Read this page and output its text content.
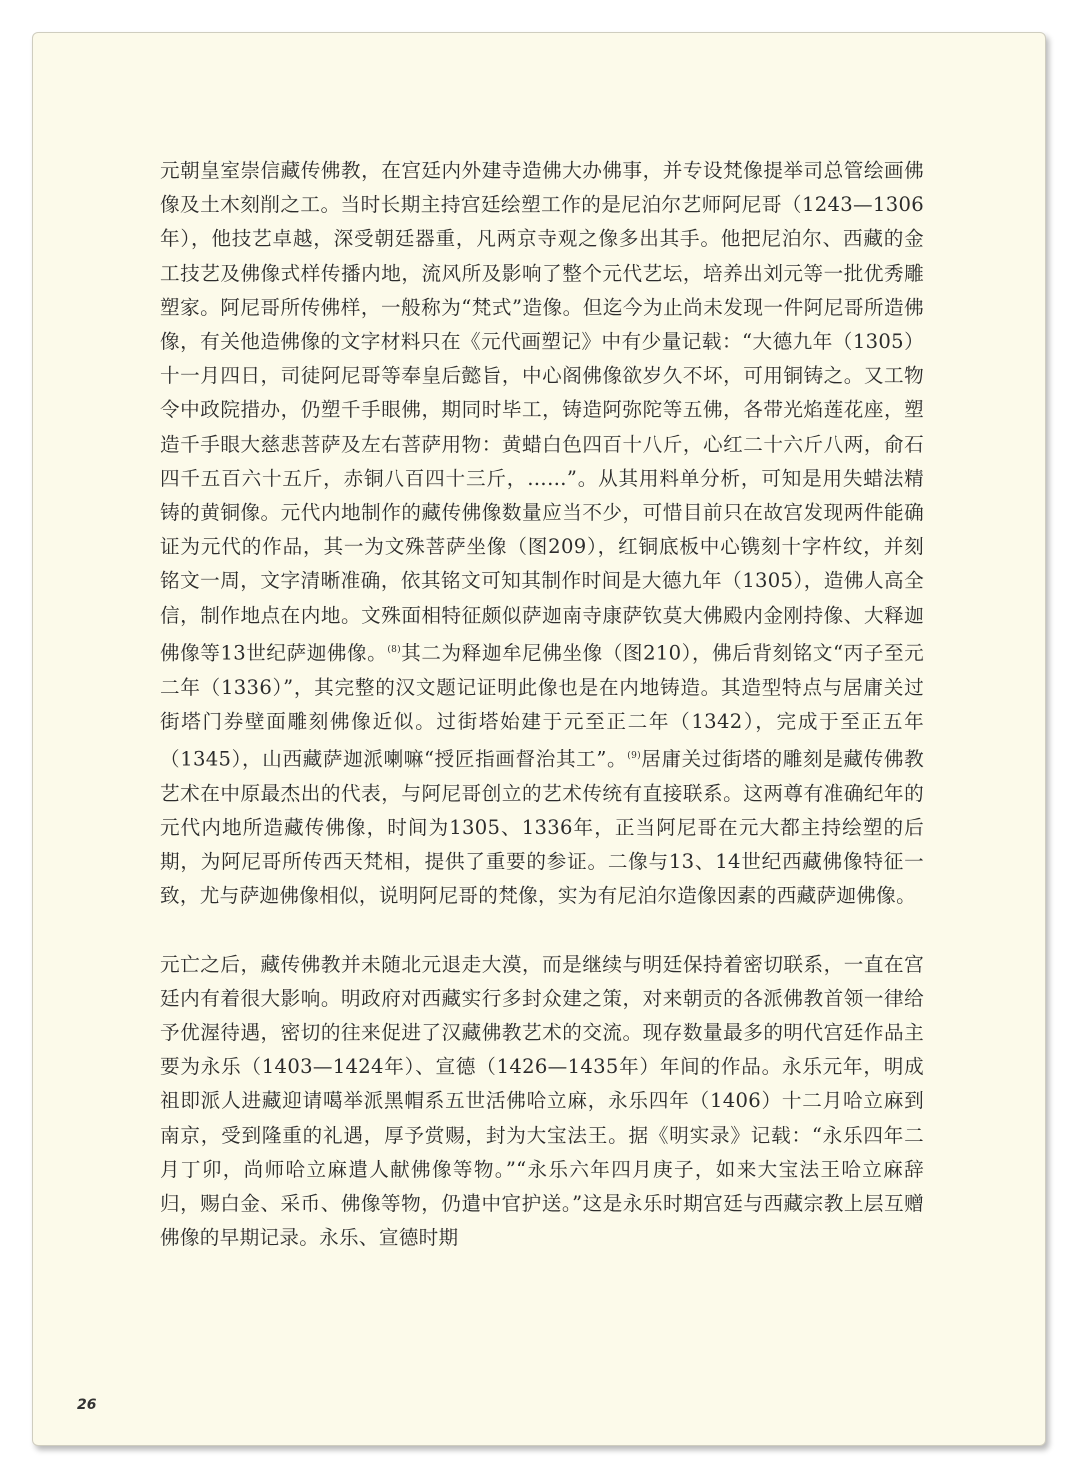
元朝皇室崇信藏传佛教，在宫廷内外建寺造佛大办佛事，并专设梵像提举司总管绘画佛像及土木刻削之工。当时长期主持宫廷绘塑工作的是尼泊尔艺师阿尼哥（1243—1306年），他技艺卓越，深受朝廷器重，凡两京寺观之像多出其手。他把尼泊尔、西藏的金工技艺及佛像式样传播内地，流风所及影响了整个元代艺坛，培养出刘元等一批优秀雕塑家。阿尼哥所传佛样，一般称为“梵式”造像。但迄今为止尚未发现一件阿尼哥所造佛像，有关他造佛像的文字材料只在《元代画塑记》中有少量记载：“大德九年（1305）十一月四日，司徒阿尼哥等奉皇后懿旨，中心阁佛像欲岁久不坏，可用铜铸之。又工物令中政院措办，仍塑千手眼佛，期同时毕工，铸造阿弥陀等五佛，各带光焰莲花座，塑造千手眼大慈悲菩萨及左右菩萨用物：黄蜡白色四百十八斤，心红二十六斤八两，俞石四千五百六十五斤，赤铜八百四十三斤，……”。从其用料单分析，可知是用失蜡法精铸的黄铜像。元代内地制作的藏传佛像数量应当不少，可惜目前只在故宫发现两件能确证为元代的作品，其一为文殊菩萨坐像（图209），红铜底板中心镌刻十字杵纹，并刻铭文一周，文字清晰准确，依其铭文可知其制作时间是大德九年（1305），造佛人高全信，制作地点在内地。文殊面相特征颇似萨迦南寺康萨钦莫大佛殿内金刚持像、大释迦佛像等13世纪萨迦佛像。$^{(8)}$其二为释迦牟尼佛坐像（图210），佛后背刻铭文“丙子至元二年（1336）”，其完整的汉文题记证明此像也是在内地铸造。其造型特点与居庸关过街塔门券壁面雕刻佛像近似。过街塔始建于元至正二年（1342），完成于至正五年（1345），山西藏萨迦派喇嘛“授匠指画督治其工”。$^{(9)}$居庸关过街塔的雕刻是藏传佛教艺术在中原最杰出的代表，与阿尼哥创立的艺术传统有直接联系。这两尊有准确纪年的元代内地所造藏传佛像，时间为1305、1336年，正当阿尼哥在元大都主持绘塑的后期，为阿尼哥所传西天梵相，提供了重要的参证。二像与13、14世纪西藏佛像特征一致，尤与萨迦佛像相似，说明阿尼哥的梵像，实为有尼泊尔造像因素的西藏萨迦佛像。

元亡之后，藏传佛教并未随北元退走大漠，而是继续与明廷保持着密切联系，一直在宫廷内有着很大影响。明政府对西藏实行多封众建之策，对来朝贡的各派佛教首领一律给予优渥待遇，密切的往来促进了汉藏佛教艺术的交流。现存数量最多的明代宫廷作品主要为永乐（1403—1424年）、宣德（1426—1435年）年间的作品。永乐元年，明成祖即派人进藏迎请噶举派黑帽系五世活佛哈立麻，永乐四年（1406）十二月哈立麻到南京，受到隆重的礼遇，厚予赏赐，封为大宝法王。据《明实录》记载：“永乐四年二月丁卯，尚师哈立麻遣人献佛像等物。”“永乐六年四月庚子，如来大宝法王哈立麻辞归，赐白金、采币、佛像等物，仍遣中官护送。”这是永乐时期宫廷与西藏宗教上层互赠佛像的早期记录。永乐、宣德时期

26
